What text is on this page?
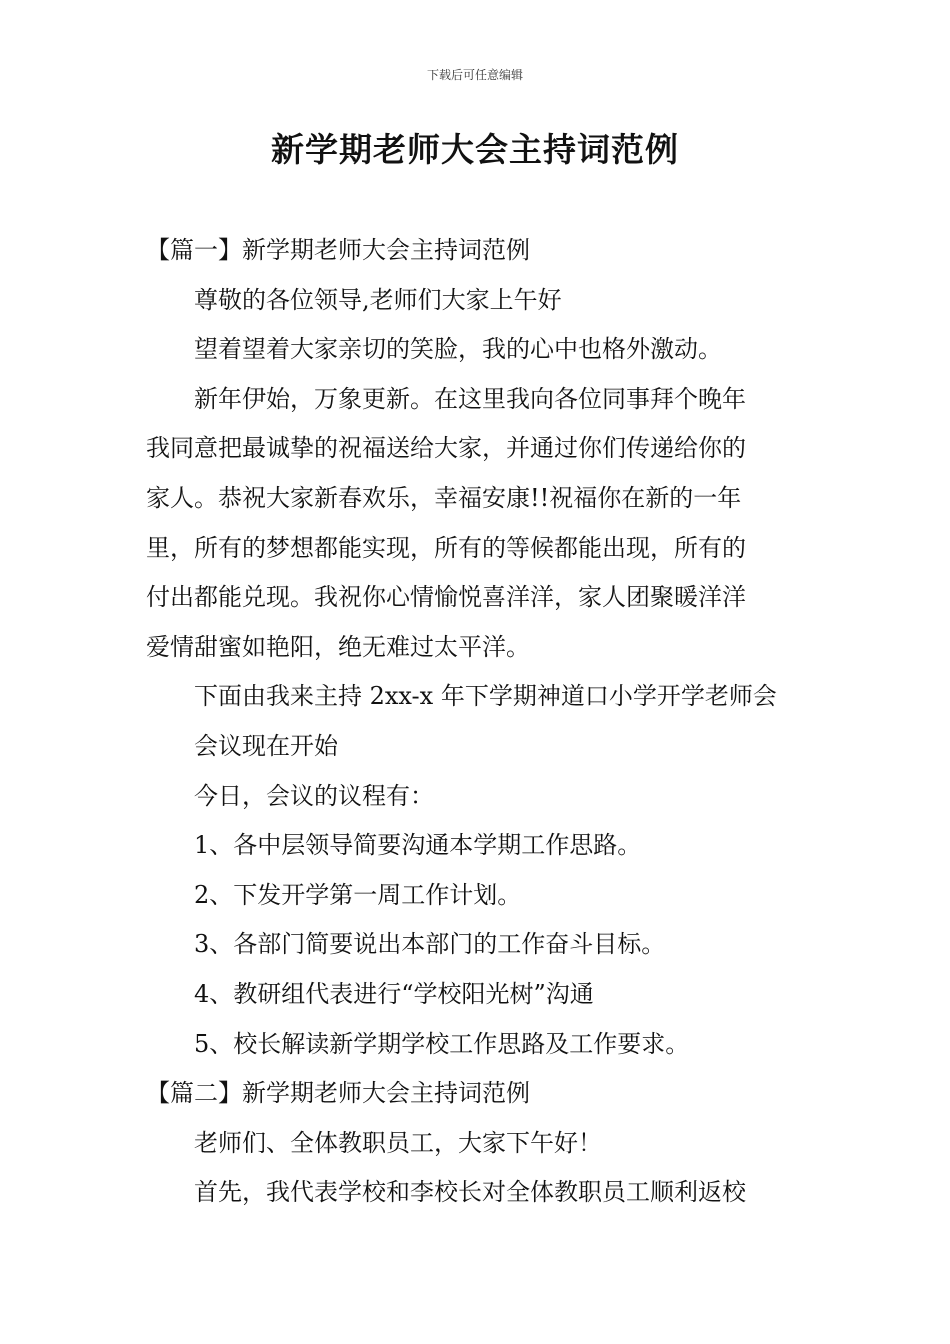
下载后可任意编辑
新学期老师大会主持词范例

【篇一】新学期老师大会主持词范例

尊敬的各位领导,老师们大家上午好

望着望着大家亲切的笑脸，我的心中也格外激动。

新年伊始，万象更新。在这里我向各位同事拜个晚年

我同意把最诚挚的祝福送给大家，并通过你们传递给你的

家人。恭祝大家新春欢乐，幸福安康!!祝福你在新的一年

里，所有的梦想都能实现，所有的等候都能出现，所有的

付出都能兑现。我祝你心情愉悦喜洋洋，家人团聚暖洋洋

爱情甜蜜如艳阳，绝无难过太平洋。

下面由我来主持 2xx-x 年下学期神道口小学开学老师会

会议现在开始

今日，会议的议程有：

1、各中层领导简要沟通本学期工作思路。

2、下发开学第一周工作计划。

3、各部门简要说出本部门的工作奋斗目标。

4、教研组代表进行“学校阳光树”沟通

5、校长解读新学期学校工作思路及工作要求。

【篇二】新学期老师大会主持词范例

老师们、全体教职员工，大家下午好！

首先，我代表学校和李校长对全体教职员工顺利返校
